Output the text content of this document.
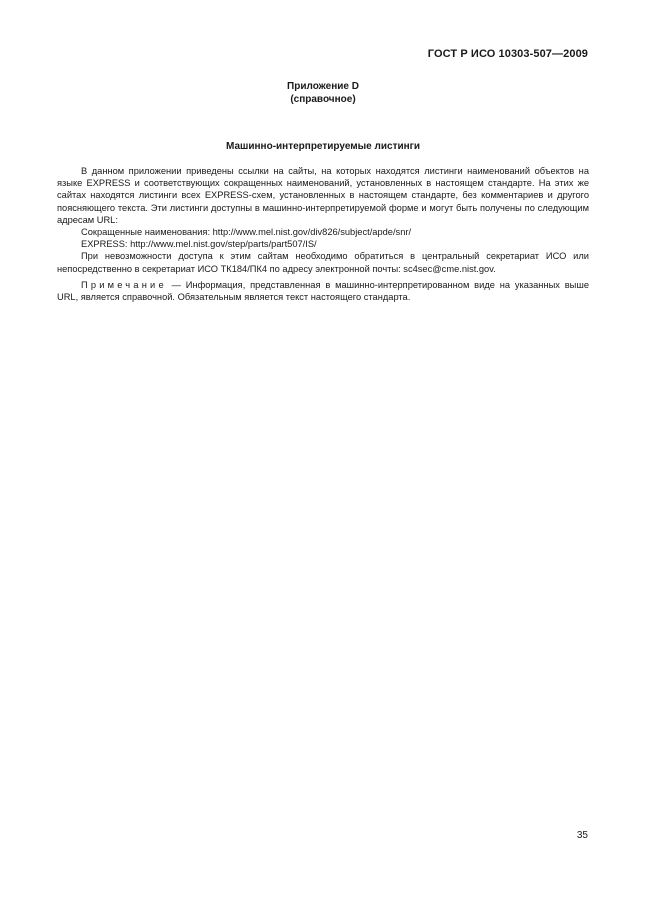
ГОСТ Р ИСО 10303-507—2009
Приложение D
(справочное)
Машинно-интерпретируемые листинги

В данном приложении приведены ссылки на сайты, на которых находятся листинги наименований объектов на языке EXPRESS и соответствующих сокращенных наименований, установленных в настоящем стандарте. На этих же сайтах находятся листинги всех EXPRESS-схем, установленных в настоящем стандарте, без комментариев и другого поясняющего текста. Эти листинги доступны в машинно-интерпретируемой форме и могут быть получены по следующим адресам URL:

Сокращенные наименования: http://www.mel.nist.gov/div826/subject/apde/snr/

EXPRESS: http://www.mel.nist.gov/step/parts/part507/IS/

При невозможности доступа к этим сайтам необходимо обратиться в центральный секретариат ИСО или непосредственно в секретариат ИСО ТК184/ПК4 по адресу электронной почты: sc4sec@cme.nist.gov.

Примечание — Информация, представленная в машинно-интерпретированном виде на указанных выше URL, является справочной. Обязательным является текст настоящего стандарта.

35
